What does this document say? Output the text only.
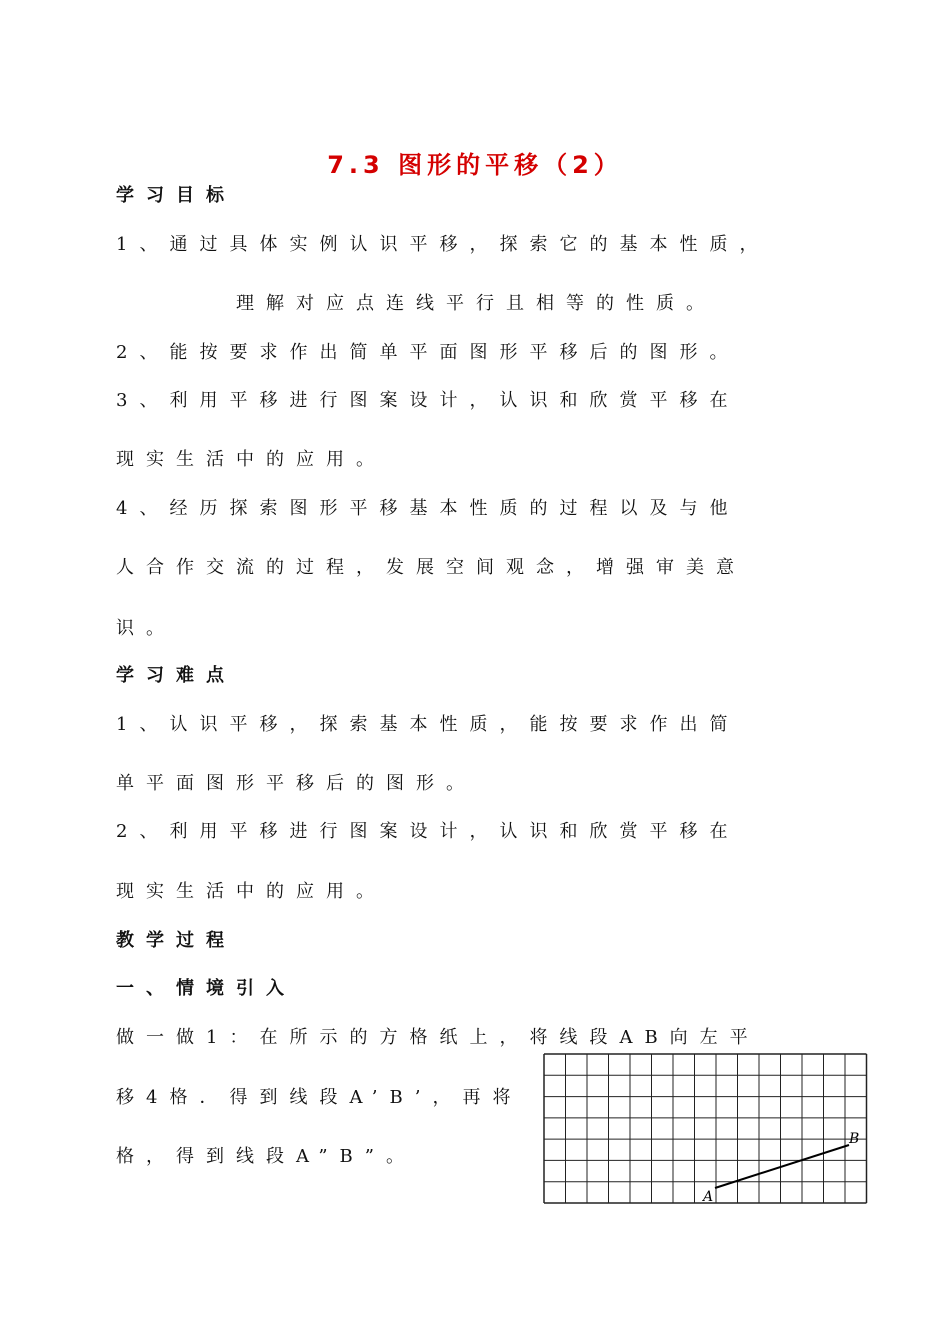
7.3 图形的平移（2）
学习目标
1、通过具体实例认识平移，探索它的基本性质，
理解对应点连线平行且相等的性质。
2、能按要求作出简单平面图形平移后的图形。
3、利用平移进行图案设计，认识和欣赏平移在
现实生活中的应用。
4、经历探索图形平移基本性质的过程以及与他
人合作交流的过程，发展空间观念，增强审美意
识。
学习难点
1、认识平移，探索基本性质，能按要求作出简
单平面图形平移后的图形。
2、利用平移进行图案设计，认识和欣赏平移在
现实生活中的应用。
教学过程
一、情境引入
做一做1：在所示的方格纸上，将线段AB向左平
移4格．得到线段A’B’，再将
格，得到线段A”B”。
A
B
